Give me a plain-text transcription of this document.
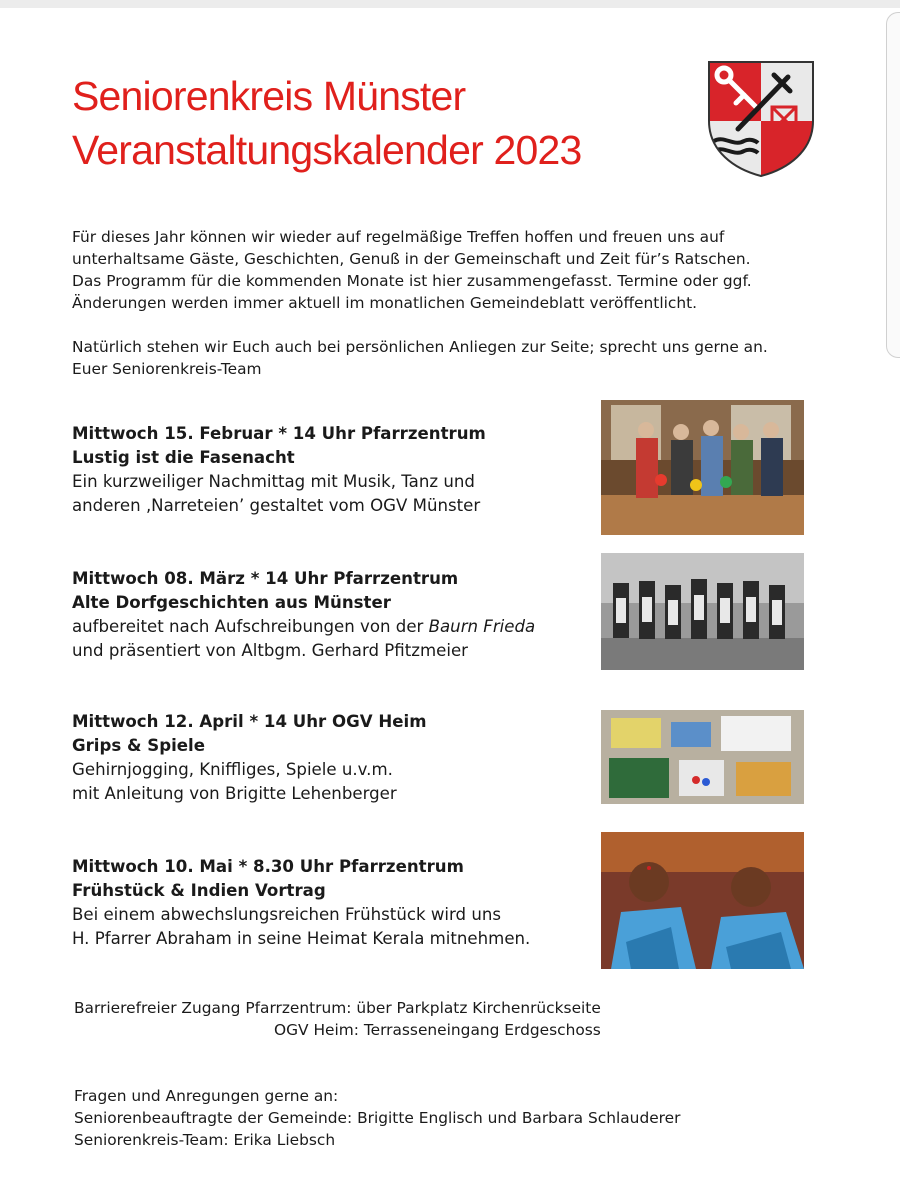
Seniorenkreis Münster
Veranstaltungskalender 2023
Für dieses Jahr können wir wieder auf regelmäßige Treffen hoffen und freuen uns auf
unterhaltsame Gäste, Geschichten, Genuß in der Gemeinschaft und Zeit für’s Ratschen.
Das Programm für die kommenden Monate ist hier zusammengefasst. Termine oder ggf.
Änderungen werden immer aktuell im monatlichen Gemeindeblatt veröffentlicht.
Natürlich stehen wir Euch auch bei persönlichen Anliegen zur Seite; sprecht uns gerne an.
Euer Seniorenkreis-Team
Mittwoch 15. Februar * 14 Uhr Pfarrzentrum
Lustig ist die Fasenacht
Ein kurzweiliger Nachmittag mit Musik, Tanz und
anderen ‚Narreteien’ gestaltet vom OGV Münster
Mittwoch 08. März * 14 Uhr Pfarrzentrum
Alte Dorfgeschichten aus Münster
aufbereitet nach Aufschreibungen von der Baurn Frieda
und präsentiert von Altbgm. Gerhard Pfitzmeier
Mittwoch 12. April * 14 Uhr OGV Heim
Grips & Spiele
Gehirnjogging, Kniffliges, Spiele u.v.m.
mit Anleitung von Brigitte Lehenberger
Mittwoch 10. Mai * 8.30 Uhr Pfarrzentrum
Frühstück & Indien Vortrag
Bei einem abwechslungsreichen Frühstück wird uns
H. Pfarrer Abraham in seine Heimat Kerala mitnehmen.
Barrierefreier Zugang Pfarrzentrum: über Parkplatz Kirchenrückseite
OGV Heim: Terrasseneingang Erdgeschoss
Fragen und Anregungen gerne an:
Seniorenbeauftragte der Gemeinde: Brigitte Englisch und Barbara Schlauderer
Seniorenkreis-Team: Erika Liebsch
